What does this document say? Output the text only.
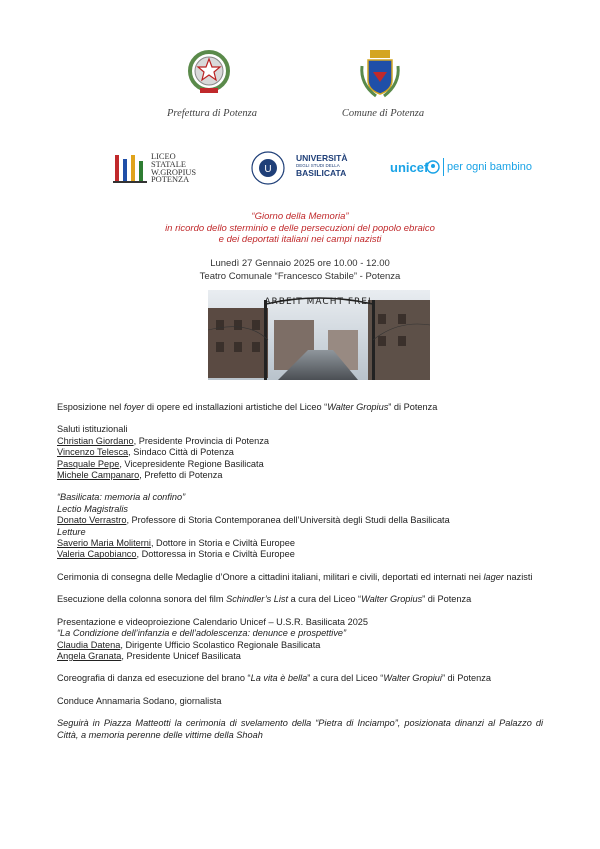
Prefettura di Potenza	Comune di Potenza
LICEO
STATALE
W.GROPIUS
POTENZA
U
UNIVERSITÀ
DEGLI STUDI DELLA
BASILICATA	unicef per ogni bambino
“Giorno della Memoria”
in ricordo dello sterminio e delle persecuzioni del popolo ebraico
e dei deportati italiani nei campi nazisti
Lunedì 27 Gennaio 2025 ore 10.00 - 12.00
Teatro Comunale “Francesco Stabile” - Potenza
ARBEIT MACHT FREI

Esposizione nel foyer di opere ed installazioni artistiche del Liceo “Walter Gropius” di Potenza

Saluti istituzionali

Christian Giordano, Presidente Provincia di Potenza

Vincenzo Telesca, Sindaco Città di Potenza

Pasquale Pepe, Vicepresidente Regione Basilicata

Michele Campanaro, Prefetto di Potenza

“Basilicata: memoria al confino”

Lectio Magistralis

Donato Verrastro, Professore di Storia Contemporanea dell’Università degli Studi della Basilicata

Letture

Saverio Maria Moliterni, Dottore in Storia e Civiltà Europee

Valeria Capobianco, Dottoressa in Storia e Civiltà Europee

Cerimonia di consegna delle Medaglie d’Onore a cittadini italiani, militari e civili, deportati ed internati nei lager nazisti

Esecuzione della colonna sonora del film Schindler’s List a cura del Liceo “Walter Gropius” di Potenza

Presentazione e videoproiezione Calendario Unicef – U.S.R. Basilicata 2025

“La Condizione dell’infanzia e dell’adolescenza: denunce e prospettive”

Claudia Datena, Dirigente Ufficio Scolastico Regionale Basilicata

Angela Granata, Presidente Unicef Basilicata

Coreografia di danza ed esecuzione del brano “La vita è bella” a cura del Liceo “Walter Gropiui” di Potenza

Conduce Annamaria Sodano, giornalista

Seguirà in Piazza Matteotti la cerimonia di svelamento della “Pietra di Inciampo”, posizionata dinanzi al Palazzo di Città, a memoria perenne delle vittime della Shoah
